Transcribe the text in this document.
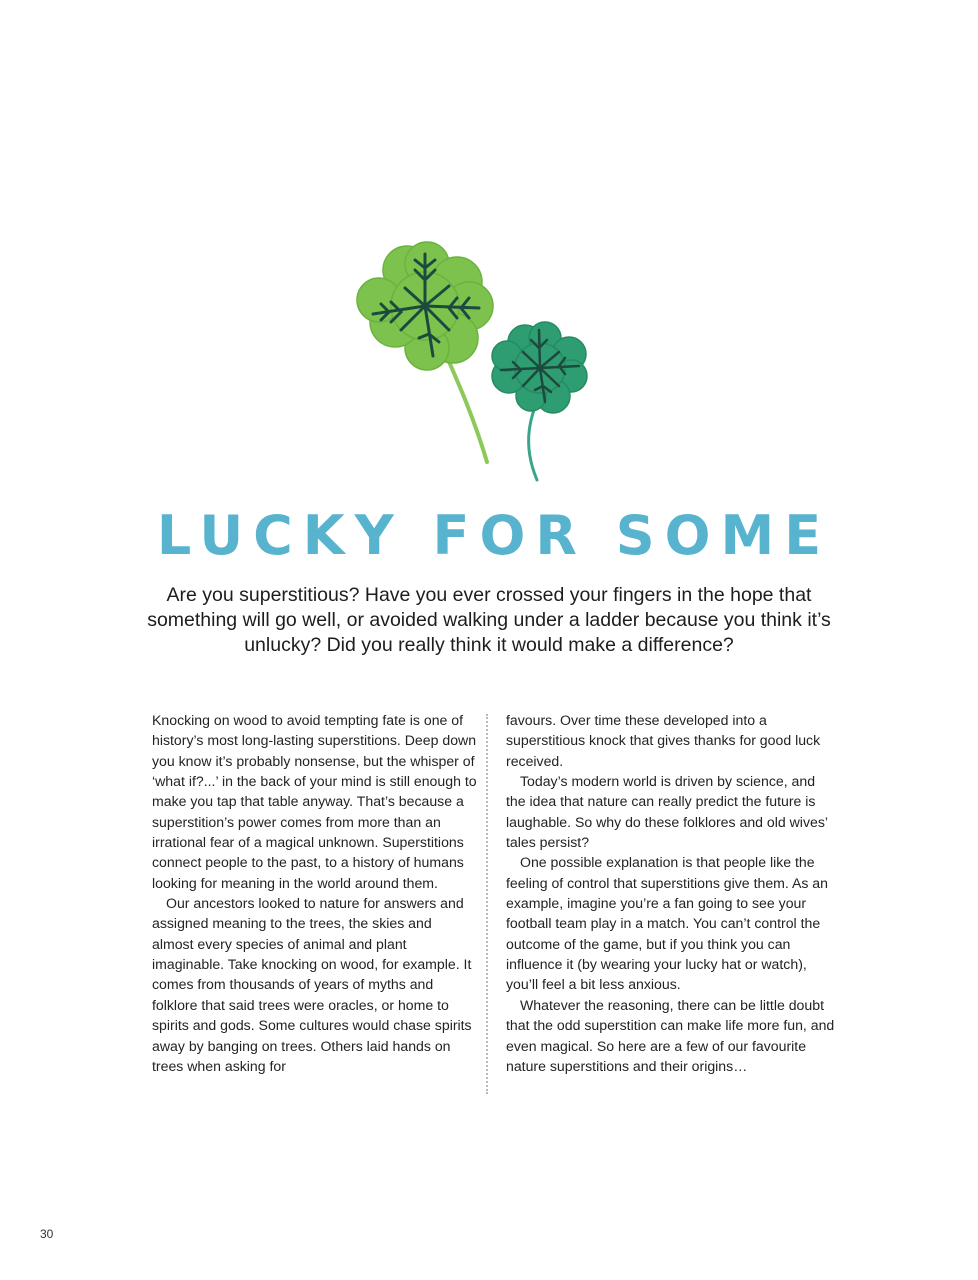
LUCKY FOR SOME

Are you superstitious? Have you ever crossed your fingers in the hope that something will go well, or avoided walking under a ladder because you think it’s unlucky? Did you really think it would make a difference?

Knocking on wood to avoid tempting fate is one of history’s most long-lasting superstitions. Deep down you know it’s probably nonsense, but the whisper of ‘what if?...’ in the back of your mind is still enough to make you tap that table anyway. That’s because a superstition’s power comes from more than an irrational fear of a magical unknown. Superstitions connect people to the past, to a history of humans looking for meaning in the world around them.

Our ancestors looked to nature for answers and assigned meaning to the trees, the skies and almost every species of animal and plant imaginable. Take knocking on wood, for example. It comes from thousands of years of myths and folklore that said trees were oracles, or home to spirits and gods. Some cultures would chase spirits away by banging on trees. Others laid hands on trees when asking for

favours. Over time these developed into a superstitious knock that gives thanks for good luck received.

Today’s modern world is driven by science, and the idea that nature can really predict the future is laughable. So why do these folklores and old wives’ tales persist?

One possible explanation is that people like the feeling of control that superstitions give them. As an example, imagine you’re a fan going to see your football team play in a match. You can’t control the outcome of the game, but if you think you can influence it (by wearing your lucky hat or watch), you’ll feel a bit less anxious.

Whatever the reasoning, there can be little doubt that the odd superstition can make life more fun, and even magical. So here are a few of our favourite nature superstitions and their origins…

30
